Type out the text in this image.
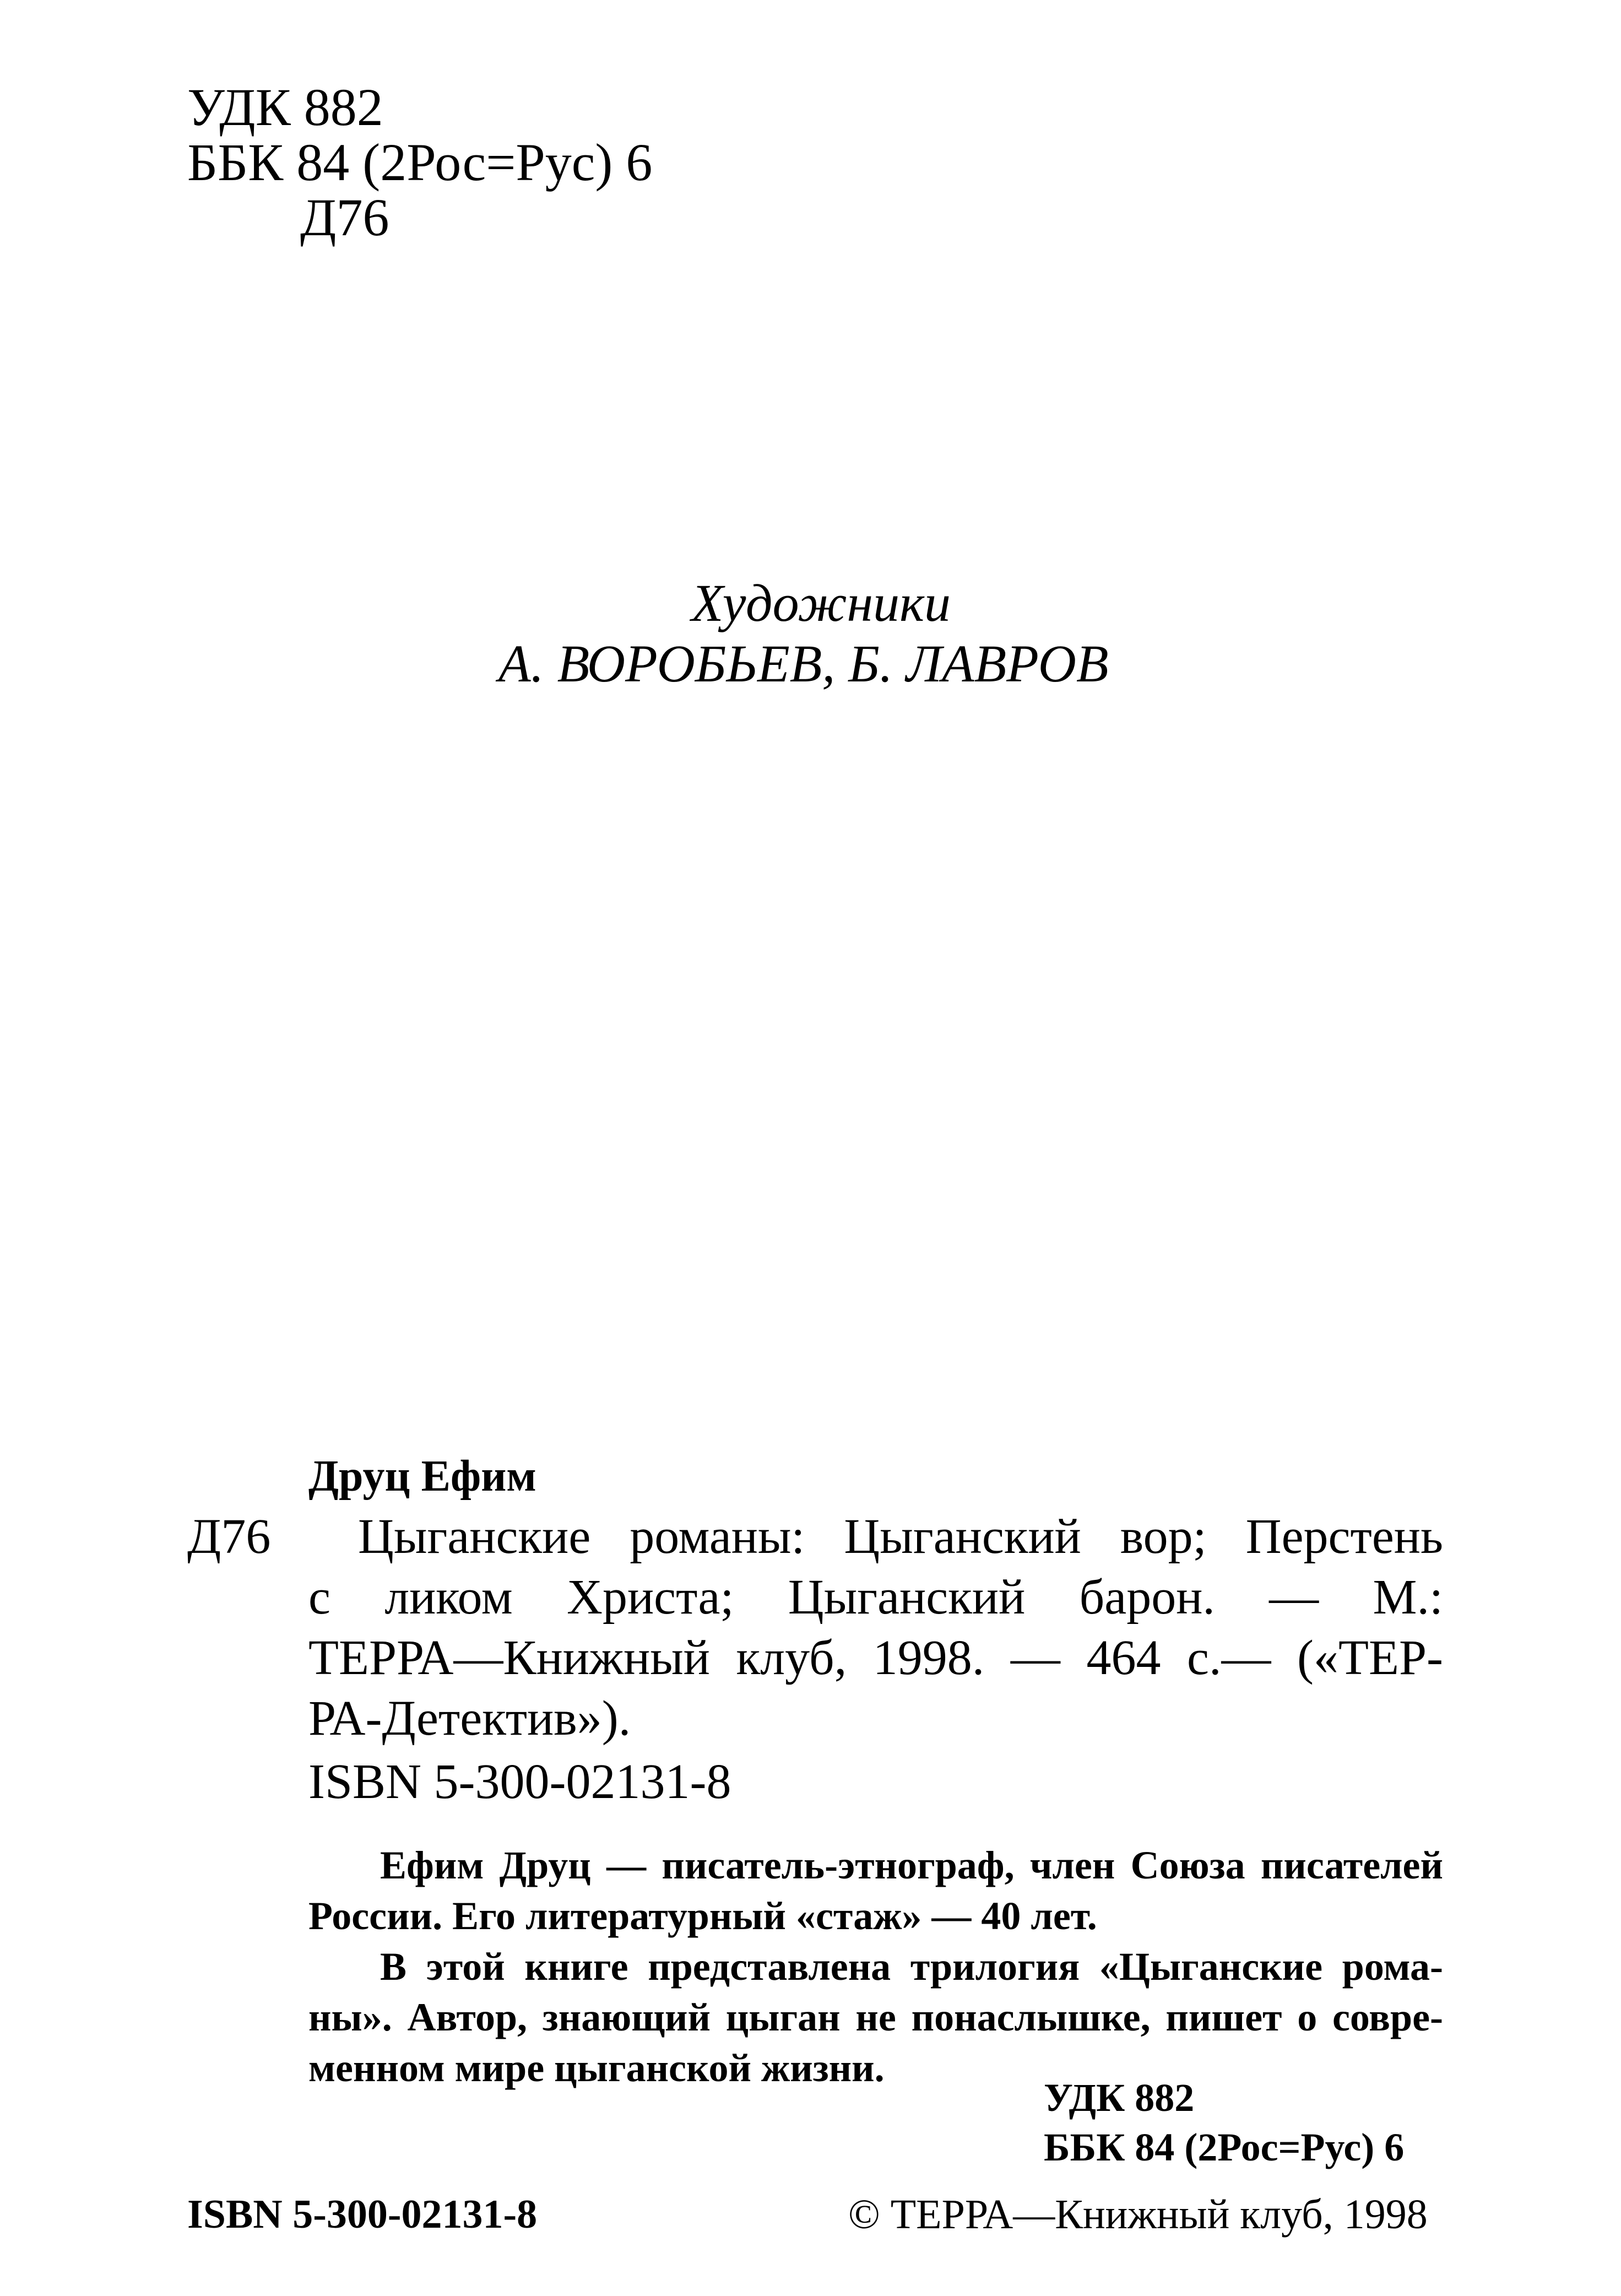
УДК 882
ББК 84 (2Рос=Рус) 6
Д76
Художники
А. ВОРОБЬЕВ, Б. ЛАВРОВ
Друц Ефим
Д76	Цыганские романы: Цыганский вор; Перстень
с ликом Христа; Цыганский барон. — М.:
ТЕРРА—Книжный клуб, 1998. — 464 с.— («ТЕР-
РА-Детектив»).
ISBN 5-300-02131-8
Ефим Друц — писатель-этнограф, член Союза писателей
России. Его литературный «стаж» — 40 лет.
В этой книге представлена трилогия «Цыганские рома-
ны». Автор, знающий цыган не понаслышке, пишет о совре-
менном мире цыганской жизни.
УДК 882
ББК 84 (2Рос=Рус) 6
ISBN 5-300-02131-8	© ТЕРРА—Книжный клуб, 1998
